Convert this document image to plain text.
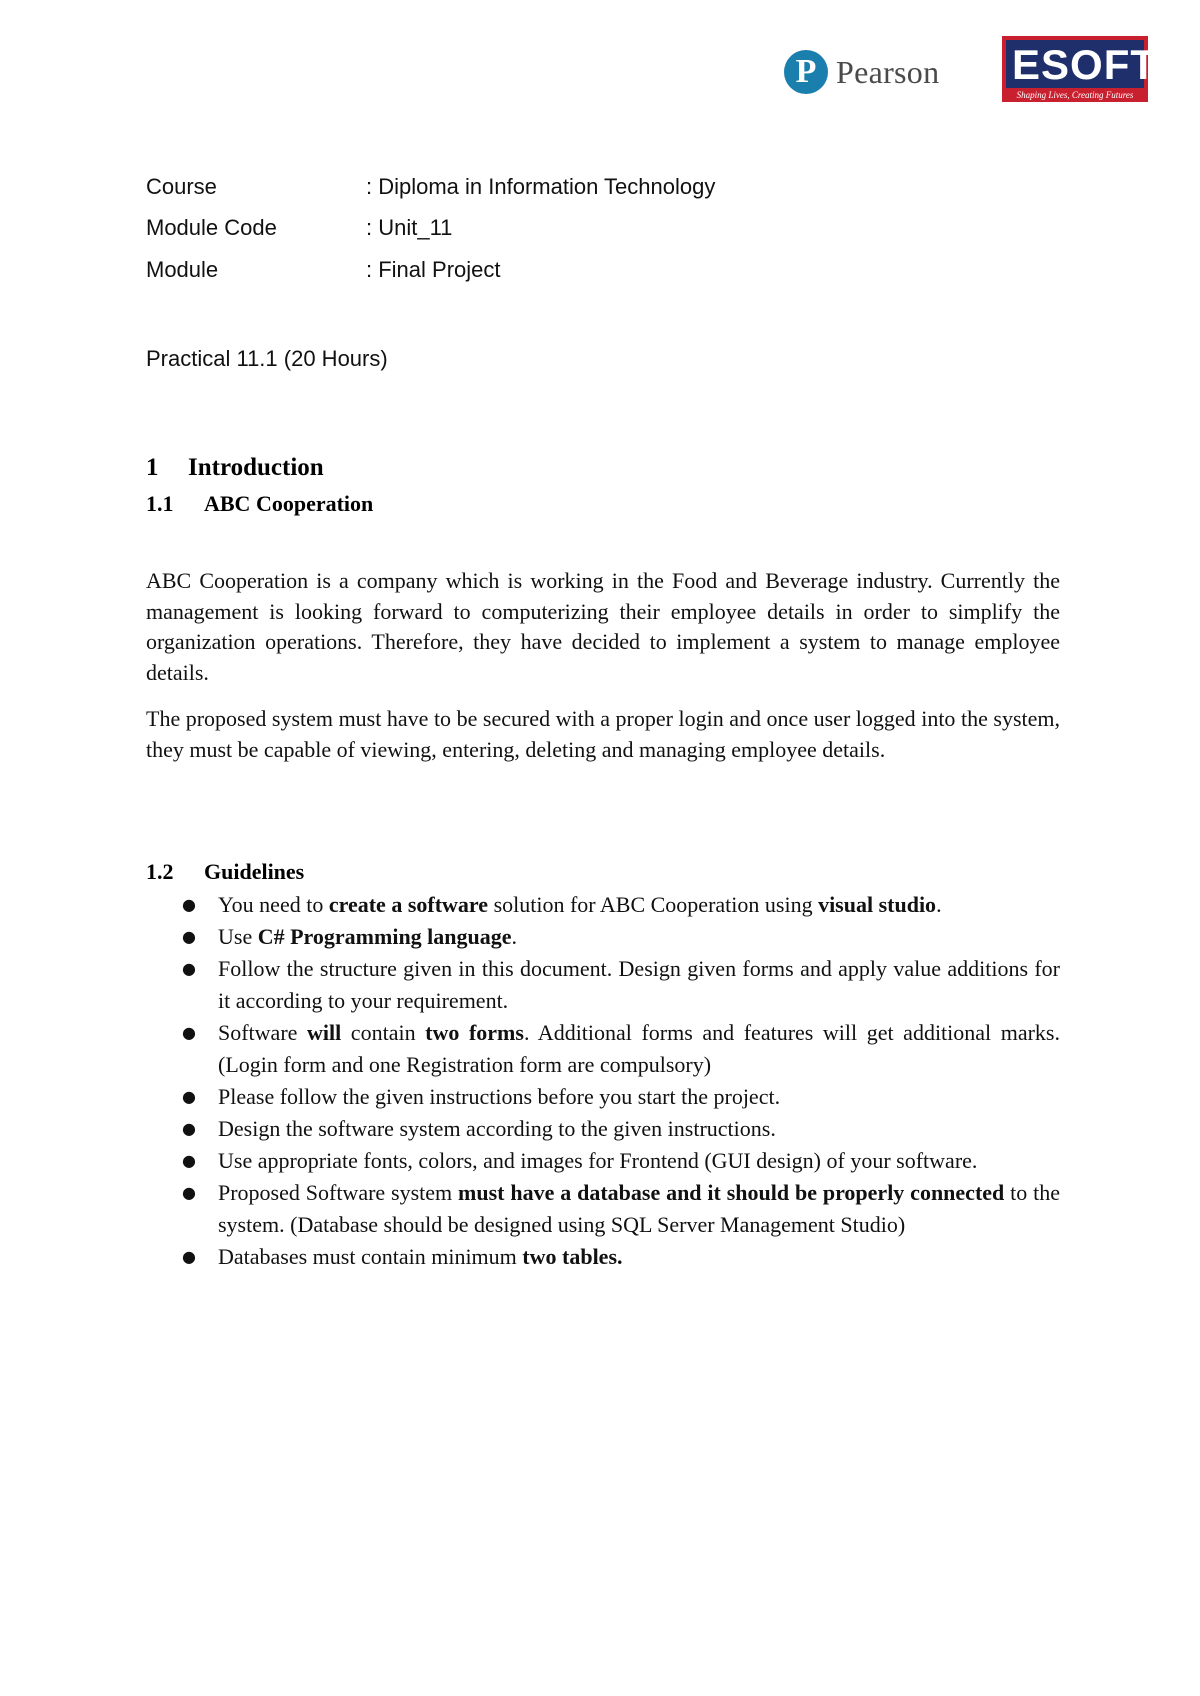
P Pearson ESOFT
Shaping Lives, Creating Futures
Course	: Diploma in Information Technology
Module Code	: Unit_11
Module	: Final Project
Practical 11.1 (20 Hours)
1 Introduction
1.1 ABC Cooperation
ABC Cooperation is a company which is working in the Food and Beverage industry. Currently the management is looking forward to computerizing their employee details in order to simplify the organization operations. Therefore, they have decided to implement a system to manage employee details.
The proposed system must have to be secured with a proper login and once user logged into the system, they must be capable of viewing, entering, deleting and managing employee details.
1.2 Guidelines
● You need to create a software solution for ABC Cooperation using visual studio.
● Use C# Programming language.
● Follow the structure given in this document. Design given forms and apply value additions for it according to your requirement.
● Software will contain two forms. Additional forms and features will get additional marks. (Login form and one Registration form are compulsory)
● Please follow the given instructions before you start the project.
● Design the software system according to the given instructions.
● Use appropriate fonts, colors, and images for Frontend (GUI design) of your software.
● Proposed Software system must have a database and it should be properly connected to the system. (Database should be designed using SQL Server Management Studio)
● Databases must contain minimum two tables.
